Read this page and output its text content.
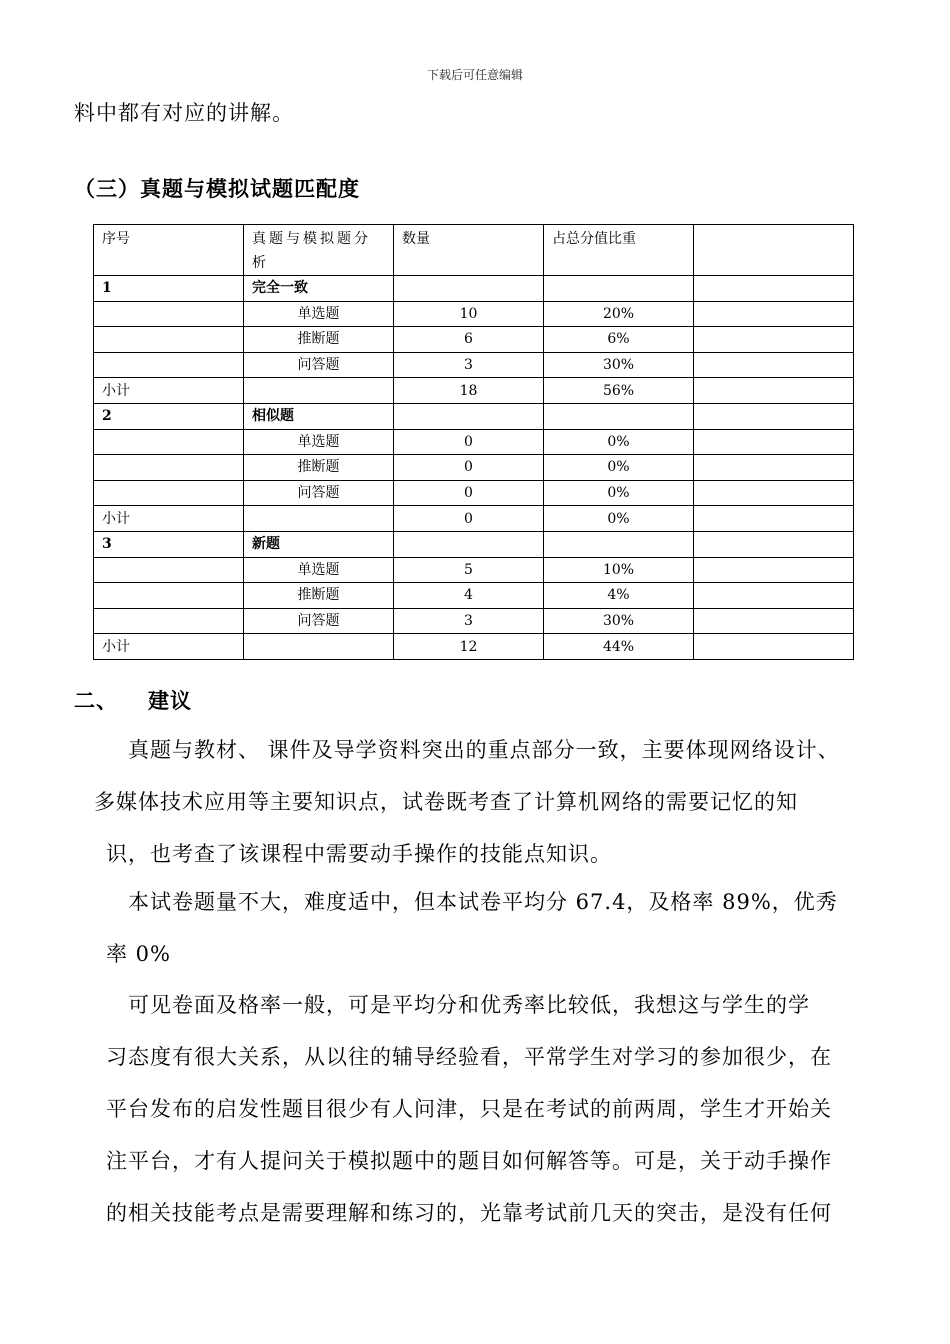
下载后可任意编辑
料中都有对应的讲解。
（三）真题与模拟试题匹配度
序号	真题与模拟题分析	数量	占总分值比重	
1	完全一致			
	单选题	10	20%	
	推断题	6	6%	
	问答题	3	30%	
小计		18	56%	
2	相似题			
	单选题	0	0%	
	推断题	0	0%	
	问答题	0	0%	
小计		0	0%	
3	新题			
	单选题	5	10%	
	推断题	4	4%	
	问答题	3	30%	
小计		12	44%	
二、 建议
　真题与教材、 课件及导学资料突出的重点部分一致，主要体现网络设计、
多媒体技术应用等主要知识点，试卷既考查了计算机网络的需要记忆的知
识，也考查了该课程中需要动手操作的技能点知识。
　本试卷题量不大，难度适中，但本试卷平均分 67.4，及格率 89%，优秀
率 0%
　可见卷面及格率一般，可是平均分和优秀率比较低，我想这与学生的学
习态度有很大关系，从以往的辅导经验看，平常学生对学习的参加很少，在
平台发布的启发性题目很少有人问津，只是在考试的前两周，学生才开始关
注平台，才有人提问关于模拟题中的题目如何解答等。可是，关于动手操作
的相关技能考点是需要理解和练习的，光靠考试前几天的突击，是没有任何
